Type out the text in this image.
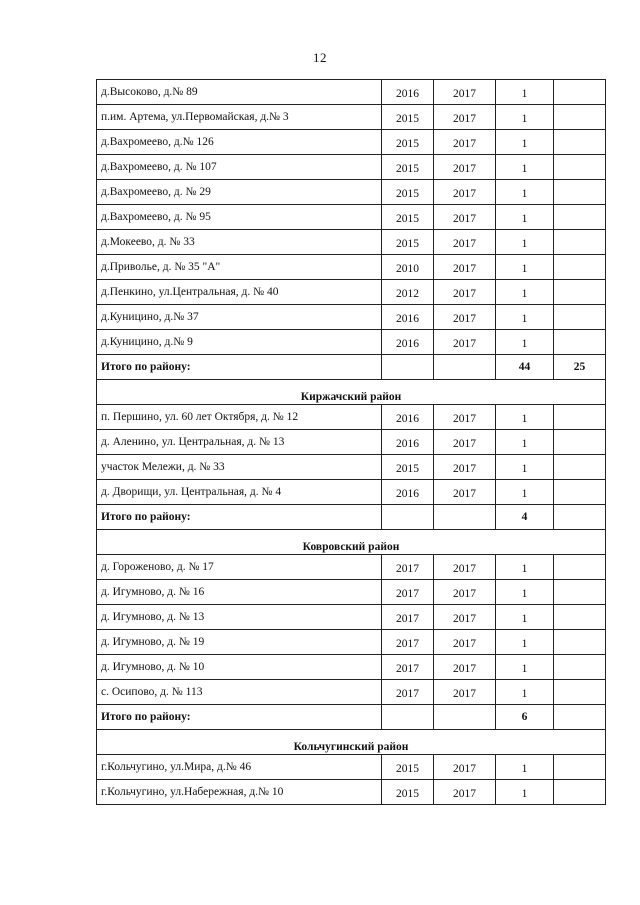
12
д.Высоково, д.№ 89	2016	2017	1	
п.им. Артема, ул.Первомайская, д.№ 3	2015	2017	1	
д.Вахромеево, д.№ 126	2015	2017	1	
д.Вахромеево, д. № 107	2015	2017	1	
д.Вахромеево, д. № 29	2015	2017	1	
д.Вахромеево, д. № 95	2015	2017	1	
д.Мокеево, д. № 33	2015	2017	1	
д.Приволье, д. № 35 "А"	2010	2017	1	
д.Пенкино, ул.Центральная, д. № 40	2012	2017	1	
д.Куницино, д.№ 37	2016	2017	1	
д.Куницино, д.№ 9	2016	2017	1	
Итого по району:			44	25
Киржачский район				
п. Першино, ул. 60 лет Октября, д. № 12	2016	2017	1	
д. Аленино, ул. Центральная, д. № 13	2016	2017	1	
участок Мележи, д. № 33	2015	2017	1	
д. Дворищи, ул. Центральная, д. № 4	2016	2017	1	
Итого по району:			4	
Ковровский район				
д. Гороженово, д. № 17	2017	2017	1	
д. Игумново, д. № 16	2017	2017	1	
д. Игумново, д. № 13	2017	2017	1	
д. Игумново, д. № 19	2017	2017	1	
д. Игумново, д. № 10	2017	2017	1	
с. Осипово, д. № 113	2017	2017	1	
Итого по району:			6	
Кольчугинский район				
г.Кольчугино, ул.Мира, д.№ 46	2015	2017	1	
г.Кольчугино, ул.Набережная, д.№ 10	2015	2017	1	
